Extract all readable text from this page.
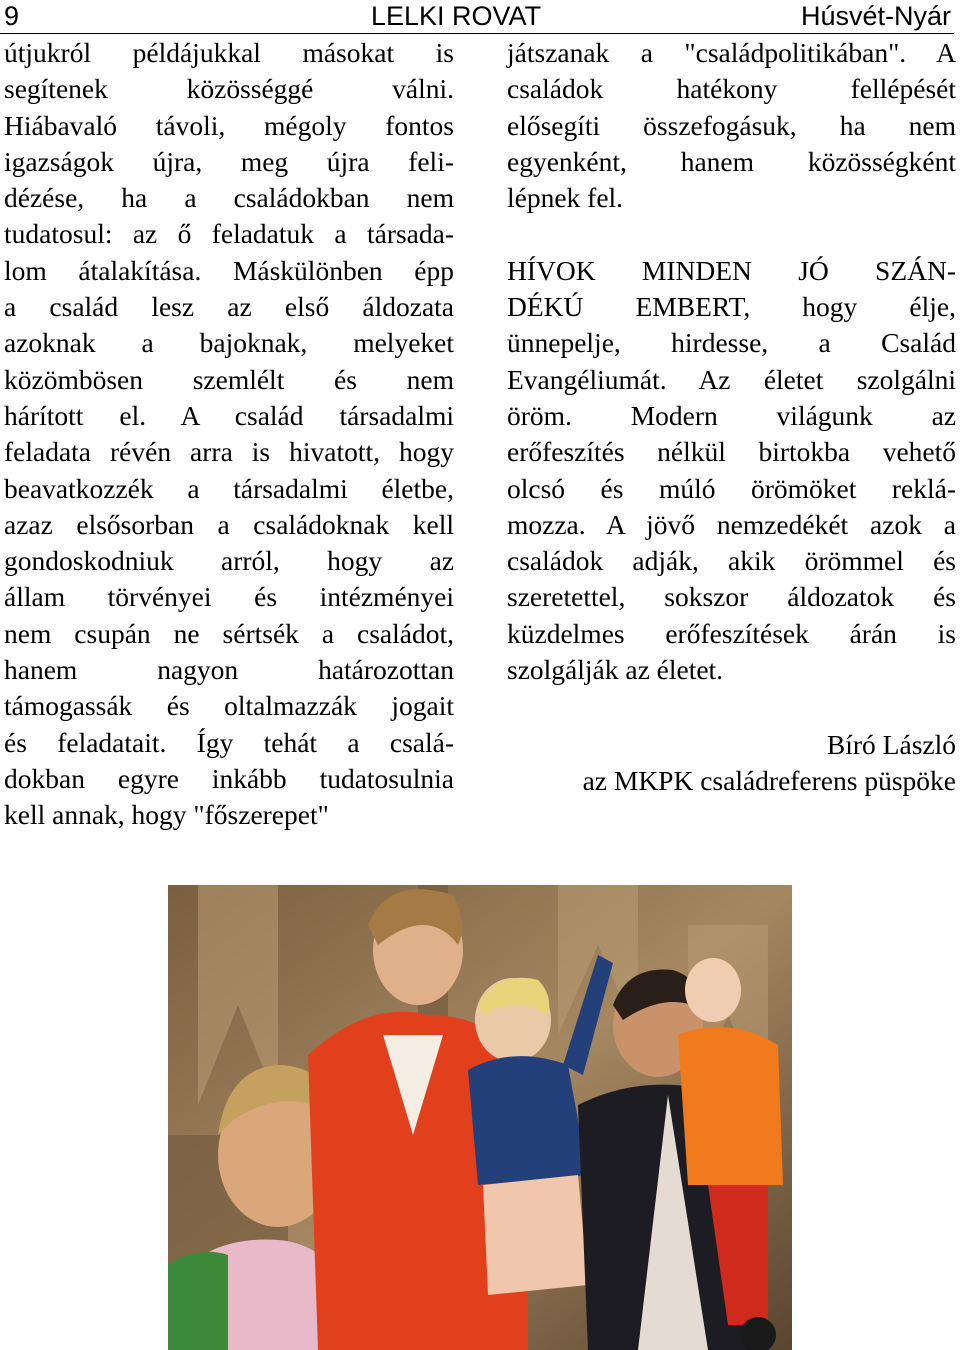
9	LELKI ROVAT	Húsvét-Nyár
útjukról példájukkal másokat is
segítenek közösséggé válni.
Hiábavaló távoli, mégoly fontos
igazságok újra, meg újra feli-
dézése, ha a családokban nem
tudatosul: az ő feladatuk a társada-
lom átalakítása. Máskülönben épp
a család lesz az első áldozata
azoknak a bajoknak, melyeket
közömbösen szemlélt és nem
hárított el. A család társadalmi
feladata révén arra is hivatott, hogy
beavatkozzék a társadalmi életbe,
azaz elsősorban a családoknak kell
gondoskodniuk arról, hogy az
állam törvényei és intézményei
nem csupán ne sértsék a családot,
hanem nagyon határozottan
támogassák és oltalmazzák jogait
és feladatait. Így tehát a csalá-
dokban egyre inkább tudatosulnia
kell annak, hogy "főszerepet"
játszanak a "családpolitikában". A
családok hatékony fellépését
elősegíti összefogásuk, ha nem
egyenként, hanem közösségként
lépnek fel.
HÍVOK MINDEN JÓ SZÁN-
DÉKÚ EMBERT, hogy élje,
ünnepelje, hirdesse, a Család
Evangéliumát. Az életet szolgálni
öröm. Modern világunk az
erőfeszítés nélkül birtokba vehető
olcsó és múló örömöket reklá-
mozza. A jövő nemzedékét azok a
családok adják, akik örömmel és
szeretettel, sokszor áldozatok és
küzdelmes erőfeszítések árán is
szolgálják az életet.
Bíró László
az MKPK családreferens püspöke
